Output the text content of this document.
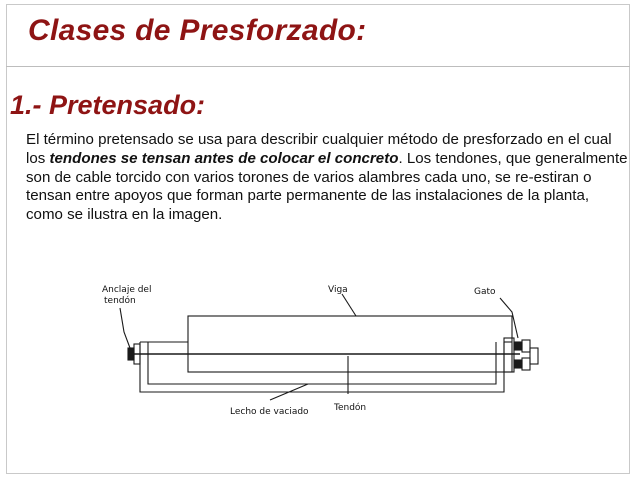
Clases de Presforzado:
1.- Pretensado:

El término pretensado se usa para describir cualquier método de presforzado en el cual los tendones se tensan antes de colocar el concreto. Los tendones, que generalmente son de cable torcido con varios torones de varios alambres cada uno, se re-estiran o tensan entre apoyos que forman parte permanente de las instalaciones de la planta, como se ilustra en la imagen.

Anclaje del
tendón
Viga	Gato
Lecho de vaciado	Tendón
